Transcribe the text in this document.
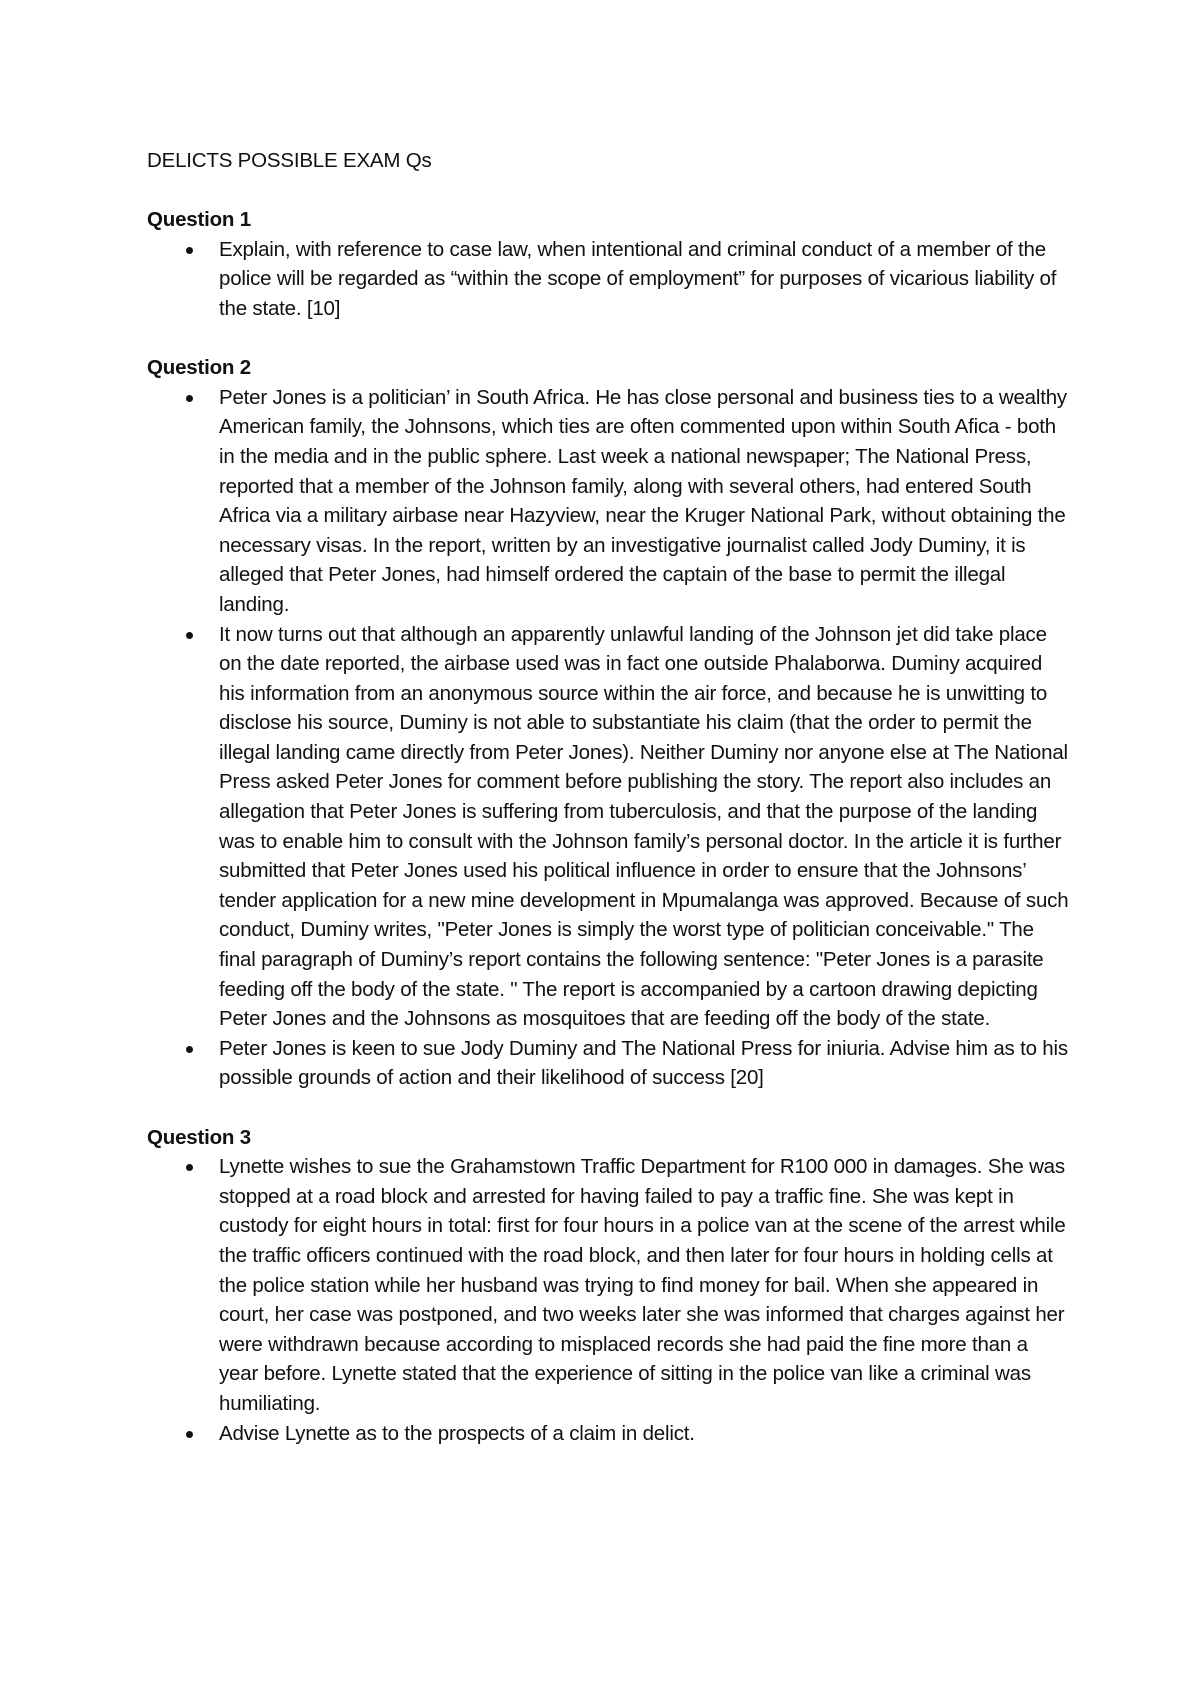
DELICTS POSSIBLE EXAM Qs

Question 1

Explain, with reference to case law, when intentional and criminal conduct of a member of the police will be regarded as “within the scope of employment” for purposes of vicarious liability of the state. [10]

Question 2

Peter Jones is a politician’ in South Africa. He has close personal and business ties to a wealthy American family, the Johnsons, which ties are often commented upon within South Afica - both in the media and in the public sphere. Last week a national newspaper; The National Press, reported that a member of the Johnson family, along with several others, had entered South Africa via a military airbase near Hazyview, near the Kruger National Park, without obtaining the necessary visas. In the report, written by an investigative journalist called Jody Duminy, it is alleged that Peter Jones, had himself ordered the captain of the base to permit the illegal landing.
It now turns out that although an apparently unlawful landing of the Johnson jet did take place on the date reported, the airbase used was in fact one outside Phalaborwa. Duminy acquired his information from an anonymous source within the air force, and because he is unwitting to disclose his source, Duminy is not able to substantiate his claim (that the order to permit the illegal landing came directly from Peter Jones). Neither Duminy nor anyone else at The National Press asked Peter Jones for comment before publishing the story. The report also includes an allegation that Peter Jones is suffering from tuberculosis, and that the purpose of the landing was to enable him to consult with the Johnson family’s personal doctor. In the article it is further submitted that Peter Jones used his political influence in order to ensure that the Johnsons’ tender application for a new mine development in Mpumalanga was approved. Because of such conduct, Duminy writes, "Peter Jones is simply the worst type of politician conceivable." The final paragraph of Duminy’s report contains the following sentence: "Peter Jones is a parasite feeding off the body of the state. " The report is accompanied by a cartoon drawing depicting Peter Jones and the Johnsons as mosquitoes that are feeding off the body of the state.
Peter Jones is keen to sue Jody Duminy and The National Press for iniuria. Advise him as to his possible grounds of action and their likelihood of success [20]

Question 3

Lynette wishes to sue the Grahamstown Traffic Department for R100 000 in damages. She was stopped at a road block and arrested for having failed to pay a traffic fine. She was kept in custody for eight hours in total: first for four hours in a police van at the scene of the arrest while the traffic officers continued with the road block, and then later for four hours in holding cells at the police station while her husband was trying to find money for bail. When she appeared in court, her case was postponed, and two weeks later she was informed that charges against her were withdrawn because according to misplaced records she had paid the fine more than a year before. Lynette stated that the experience of sitting in the police van like a criminal was humiliating.
Advise Lynette as to the prospects of a claim in delict.
